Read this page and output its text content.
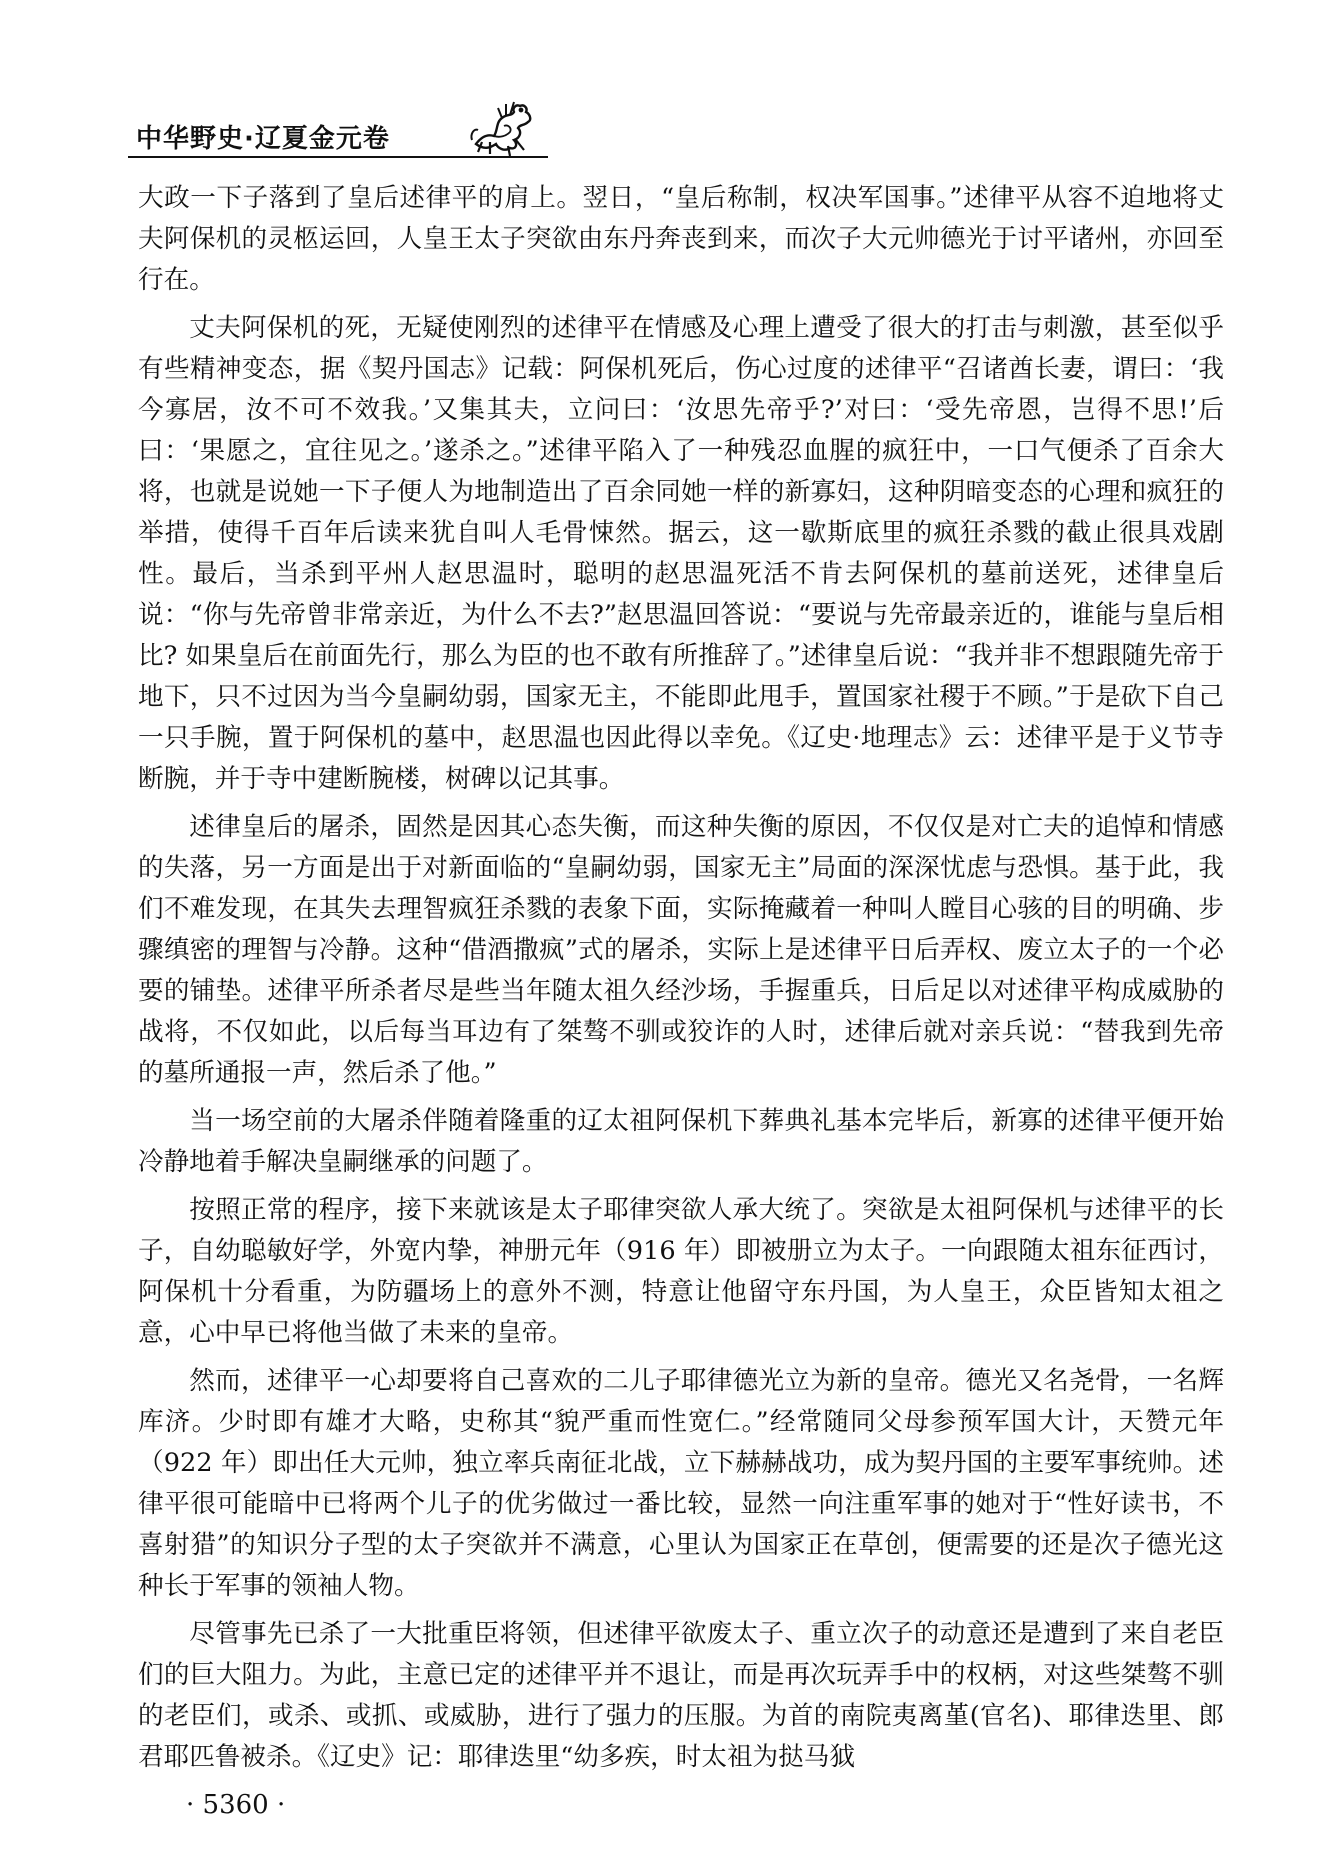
中华野史·辽夏金元卷

大政一下子落到了皇后述律平的肩上。翌日，“皇后称制，权决军国事。”述律平从容不迫地将丈夫阿保机的灵柩运回，人皇王太子突欲由东丹奔丧到来，而次子大元帅德光于讨平诸州，亦回至行在。

丈夫阿保机的死，无疑使刚烈的述律平在情感及心理上遭受了很大的打击与刺激，甚至似乎有些精神变态，据《契丹国志》记载：阿保机死后，伤心过度的述律平“召诸酋长妻，谓曰：‘我今寡居，汝不可不效我。’又集其夫，立问曰：‘汝思先帝乎?’对曰：‘受先帝恩，岂得不思!’后曰：‘果愿之，宜往见之。’遂杀之。”述律平陷入了一种残忍血腥的疯狂中，一口气便杀了百余大将，也就是说她一下子便人为地制造出了百余同她一样的新寡妇，这种阴暗变态的心理和疯狂的举措，使得千百年后读来犹自叫人毛骨悚然。据云，这一歇斯底里的疯狂杀戮的截止很具戏剧性。最后，当杀到平州人赵思温时，聪明的赵思温死活不肯去阿保机的墓前送死，述律皇后说：“你与先帝曾非常亲近，为什么不去?”赵思温回答说：“要说与先帝最亲近的，谁能与皇后相比? 如果皇后在前面先行，那么为臣的也不敢有所推辞了。”述律皇后说：“我并非不想跟随先帝于地下，只不过因为当今皇嗣幼弱，国家无主，不能即此甩手，置国家社稷于不顾。”于是砍下自己一只手腕，置于阿保机的墓中，赵思温也因此得以幸免。《辽史·地理志》云：述律平是于义节寺断腕，并于寺中建断腕楼，树碑以记其事。

述律皇后的屠杀，固然是因其心态失衡，而这种失衡的原因，不仅仅是对亡夫的追悼和情感的失落，另一方面是出于对新面临的“皇嗣幼弱，国家无主”局面的深深忧虑与恐惧。基于此，我们不难发现，在其失去理智疯狂杀戮的表象下面，实际掩藏着一种叫人瞠目心骇的目的明确、步骤缜密的理智与冷静。这种“借酒撒疯”式的屠杀，实际上是述律平日后弄权、废立太子的一个必要的铺垫。述律平所杀者尽是些当年随太祖久经沙场，手握重兵，日后足以对述律平构成威胁的战将，不仅如此，以后每当耳边有了桀骜不驯或狡诈的人时，述律后就对亲兵说：“替我到先帝的墓所通报一声，然后杀了他。”

当一场空前的大屠杀伴随着隆重的辽太祖阿保机下葬典礼基本完毕后，新寡的述律平便开始冷静地着手解决皇嗣继承的问题了。

按照正常的程序，接下来就该是太子耶律突欲人承大统了。突欲是太祖阿保机与述律平的长子，自幼聪敏好学，外宽内挚，神册元年（916 年）即被册立为太子。一向跟随太祖东征西讨，阿保机十分看重，为防疆场上的意外不测，特意让他留守东丹国，为人皇王，众臣皆知太祖之意，心中早已将他当做了未来的皇帝。

然而，述律平一心却要将自己喜欢的二儿子耶律德光立为新的皇帝。德光又名尧骨，一名辉库济。少时即有雄才大略，史称其“貌严重而性宽仁。”经常随同父母参预军国大计，天赞元年（922 年）即出任大元帅，独立率兵南征北战，立下赫赫战功，成为契丹国的主要军事统帅。述律平很可能暗中已将两个儿子的优劣做过一番比较，显然一向注重军事的她对于“性好读书，不喜射猎”的知识分子型的太子突欲并不满意，心里认为国家正在草创，便需要的还是次子德光这种长于军事的领袖人物。

尽管事先已杀了一大批重臣将领，但述律平欲废太子、重立次子的动意还是遭到了来自老臣们的巨大阻力。为此，主意已定的述律平并不退让，而是再次玩弄手中的权柄，对这些桀骜不驯的老臣们，或杀、或抓、或威胁，进行了强力的压服。为首的南院夷离堇(官名)、耶律迭里、郎君耶匹鲁被杀。《辽史》记：耶律迭里“幼多疾，时太祖为挞马狘

· 5360 ·
